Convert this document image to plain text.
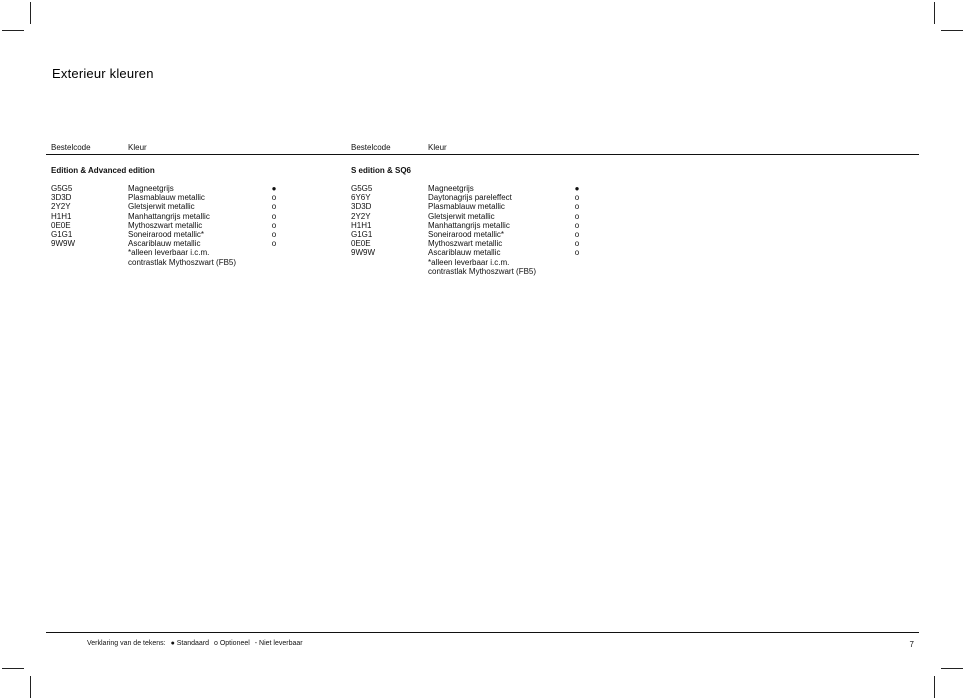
Exterieur kleuren
Bestelcode	Kleur	Bestelcode	Kleur
Edition & Advanced edition	S edition & SQ6
G5G5	Magneetgrijs	●
3D3D	Plasmablauw metallic	o
2Y2Y	Gletsjerwit metallic	o
H1H1	Manhattangrijs metallic	o
0E0E	Mythoszwart metallic	o
G1G1	Soneirarood metallic*	o
9W9W	Ascariblauw metallic	o
*alleen leverbaar i.c.m.
contrastlak Mythoszwart (FB5)
G5G5	Magneetgrijs	●
6Y6Y	Daytonagrijs pareleffect	o
3D3D	Plasmablauw metallic	o
2Y2Y	Gletsjerwit metallic	o
H1H1	Manhattangrijs metallic	o
G1G1	Soneirarood metallic*	o
0E0E	Mythoszwart metallic	o
9W9W	Ascariblauw metallic	o
*alleen leverbaar i.c.m.
contrastlak Mythoszwart (FB5)
Verklaring van de tekens: ● Standaard o Optioneel - Niet leverbaar	7
